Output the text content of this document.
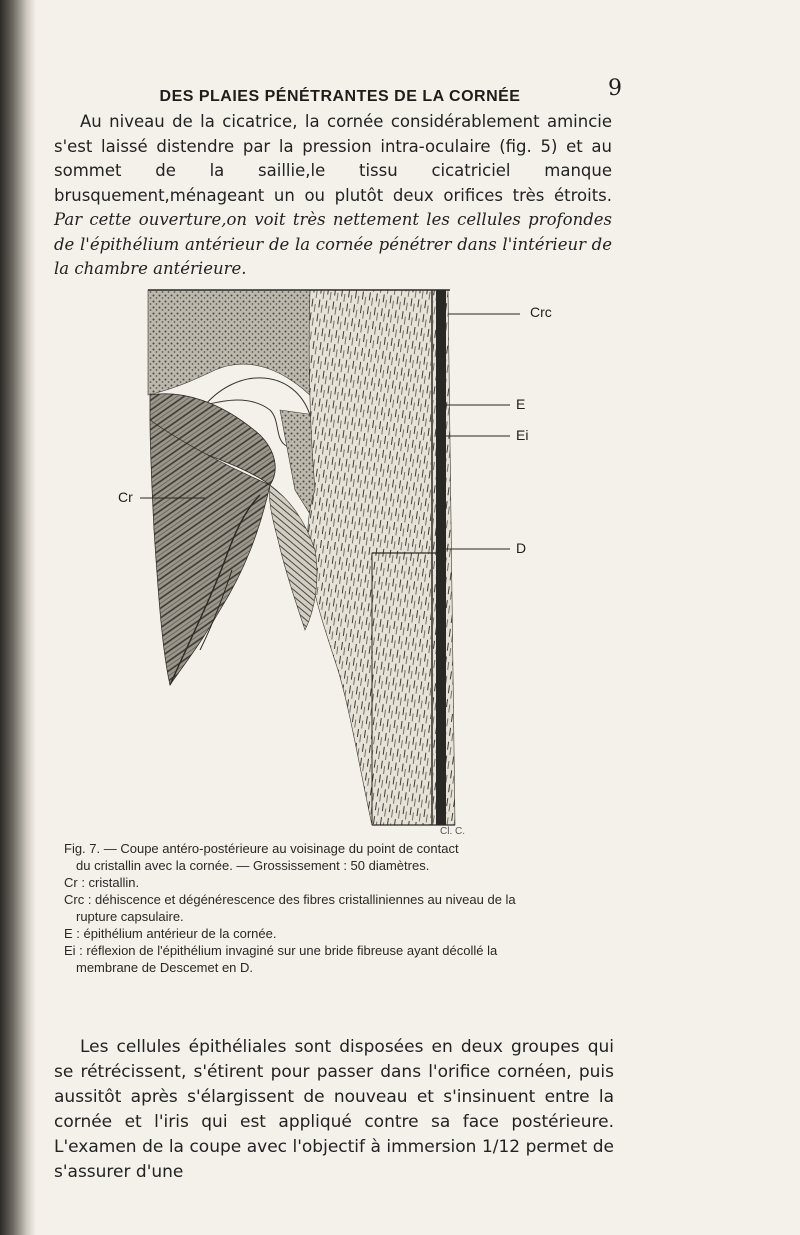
9
DES PLAIES PÉNÉTRANTES DE LA CORNÉE
Au niveau de la cicatrice, la cornée considérablement amincie s'est laissé distendre par la pression intra-oculaire (fig. 5) et au sommet de la saillie,le tissu cicatriciel manque brusquement,ménageant un ou plutôt deux orifices très étroits. Par cette ouverture,on voit très nettement les cellules profondes de l'épithélium antérieur de la cornée pénétrer dans l'intérieur de la chambre antérieure.
Crc
E
Ei
Cr
D
Cl. C.
Fig. 7. — Coupe antéro-postérieure au voisinage du point de contact
du cristallin avec la cornée. — Grossissement : 50 diamètres.
Cr : cristallin.
Crc : déhiscence et dégénérescence des fibres cristalliniennes au niveau de la
rupture capsulaire.
E : épithélium antérieur de la cornée.
Ei : réflexion de l'épithélium invaginé sur une bride fibreuse ayant décollé la
membrane de Descemet en D.
Les cellules épithéliales sont disposées en deux groupes qui se rétrécissent, s'étirent pour passer dans l'orifice cornéen, puis aussitôt après s'élargissent de nouveau et s'insinuent entre la cornée et l'iris qui est appliqué contre sa face postérieure. L'examen de la coupe avec l'objectif à immersion 1/12 permet de s'assurer d'une
